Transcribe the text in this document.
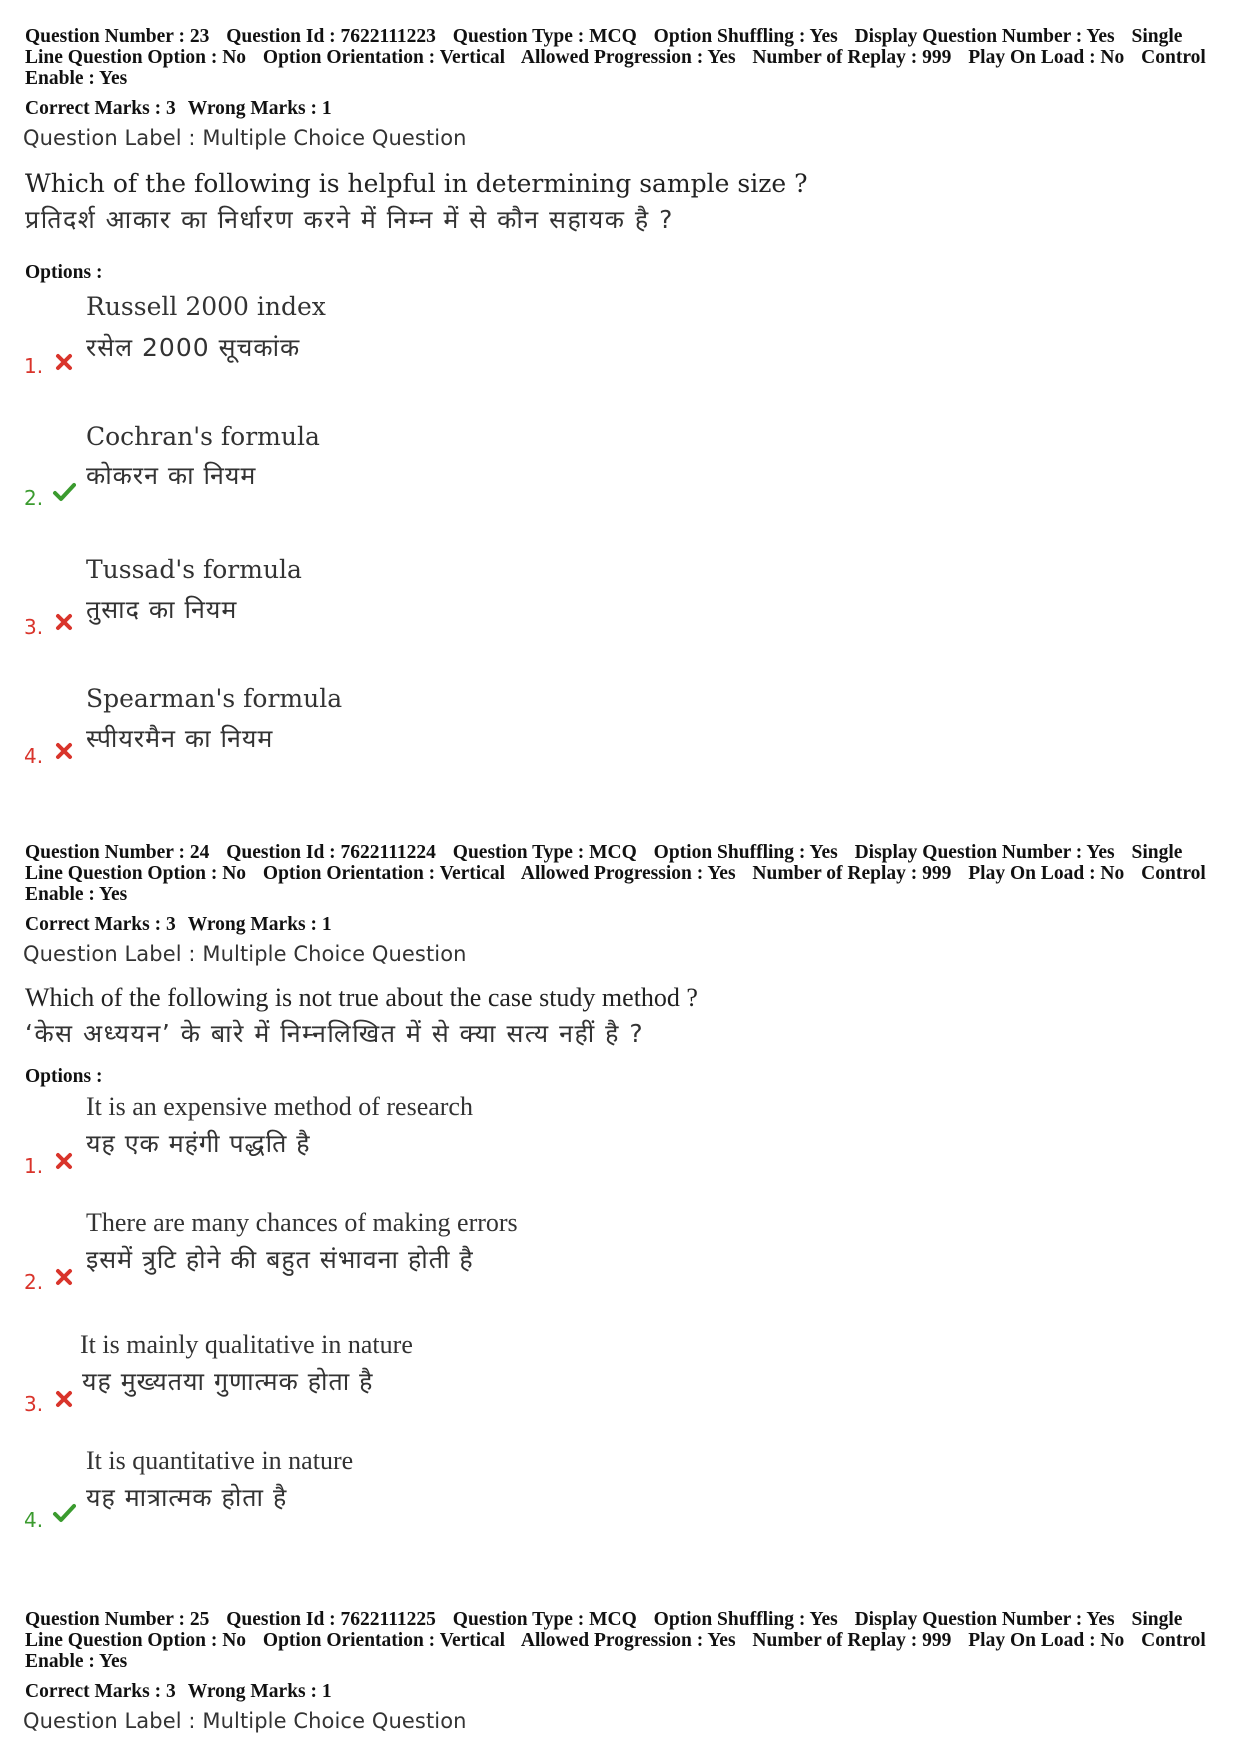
Question Number : 23 Question Id : 7622111223 Question Type : MCQ Option Shuffling : Yes Display Question Number : Yes Single Line Question Option : No Option Orientation : Vertical Allowed Progression : Yes Number of Replay : 999 Play On Load : No Control Enable : Yes
Correct Marks : 3 Wrong Marks : 1
Question Label : Multiple Choice Question
Which of the following is helpful in determining sample size ?
प्रतिदर्श आकार का निर्धारण करने में निम्न में से कौन सहायक है ?
Options :
Russell 2000 index
रसेल 2000 सूचकांक
1.
Cochran's formula
कोकरन का नियम
2.
Tussad's formula
तुसाद का नियम
3.
Spearman's formula
स्पीयरमैन का नियम
4.
Question Number : 24 Question Id : 7622111224 Question Type : MCQ Option Shuffling : Yes Display Question Number : Yes Single Line Question Option : No Option Orientation : Vertical Allowed Progression : Yes Number of Replay : 999 Play On Load : No Control Enable : Yes
Correct Marks : 3 Wrong Marks : 1
Question Label : Multiple Choice Question
Which of the following is not true about the case study method ?
‘केस अध्ययन’ के बारे में निम्नलिखित में से क्या सत्य नहीं है ?
Options :
It is an expensive method of research
यह एक महंगी पद्धति है
1.
There are many chances of making errors
इसमें त्रुटि होने की बहुत संभावना होती है
2.
It is mainly qualitative in nature
यह मुख्यतया गुणात्मक होता है
3.
It is quantitative in nature
यह मात्रात्मक होता है
4.
Question Number : 25 Question Id : 7622111225 Question Type : MCQ Option Shuffling : Yes Display Question Number : Yes Single Line Question Option : No Option Orientation : Vertical Allowed Progression : Yes Number of Replay : 999 Play On Load : No Control Enable : Yes
Correct Marks : 3 Wrong Marks : 1
Question Label : Multiple Choice Question
